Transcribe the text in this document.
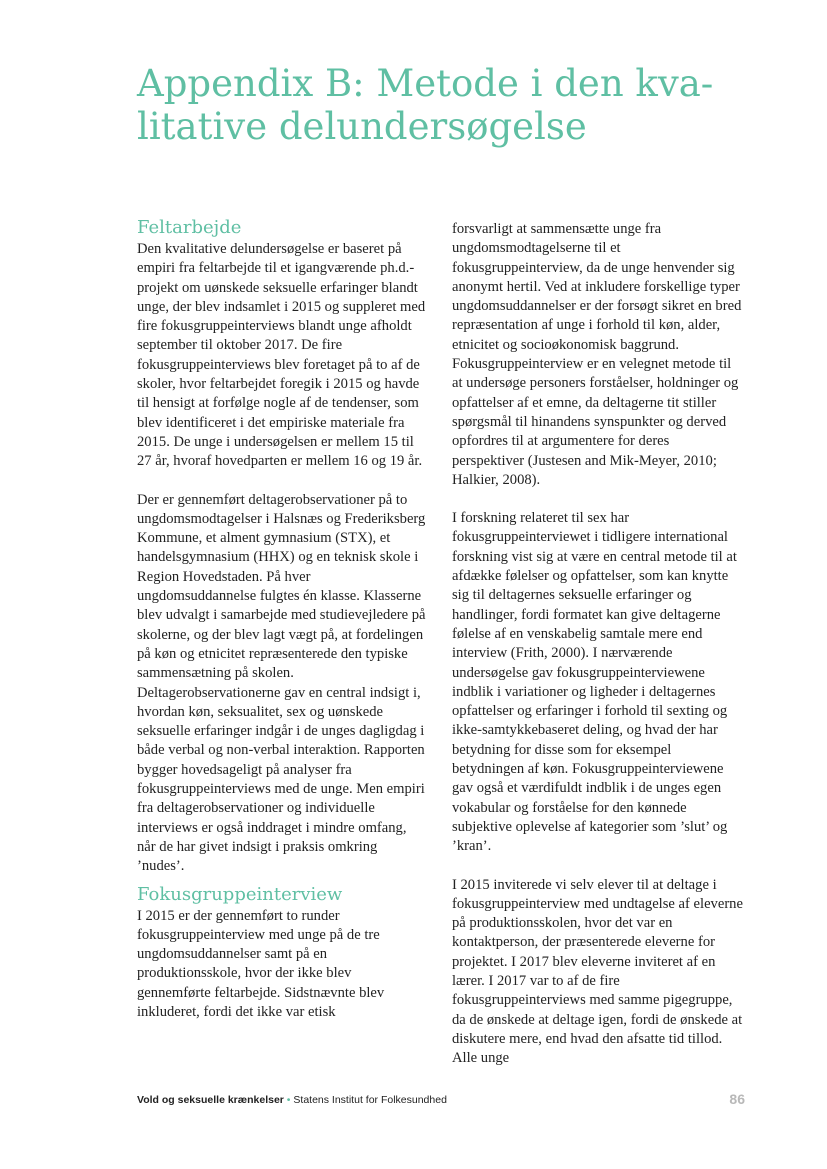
Appendix B: Metode i den kva-litative delundersøgelse
Feltarbejde

Den kvalitative delundersøgelse er baseret på empiri fra feltarbejde til et igangværende ph.d.-projekt om uønskede seksuelle erfaringer blandt unge, der blev indsamlet i 2015 og suppleret med fire fokusgruppeinterviews blandt unge afholdt september til oktober 2017. De fire fokusgruppeinterviews blev foretaget på to af de skoler, hvor feltarbejdet foregik i 2015 og havde til hensigt at forfølge nogle af de tendenser, som blev identificeret i det empiriske materiale fra 2015. De unge i undersøgelsen er mellem 15 til 27 år, hvoraf hovedparten er mellem 16 og 19 år.

Der er gennemført deltagerobservationer på to ungdomsmodtagelser i Halsnæs og Frederiksberg Kommune, et alment gymnasium (STX), et handelsgymnasium (HHX) og en teknisk skole i Region Hovedstaden. På hver ungdomsuddannelse fulgtes én klasse. Klasserne blev udvalgt i samarbejde med studievejledere på skolerne, og der blev lagt vægt på, at fordelingen på køn og etnicitet repræsenterede den typiske sammensætning på skolen. Deltagerobservationerne gav en central indsigt i, hvordan køn, seksualitet, sex og uønskede seksuelle erfaringer indgår i de unges dagligdag i både verbal og non-verbal interaktion. Rapporten bygger hovedsageligt på analyser fra fokusgruppeinterviews med de unge. Men empiri fra deltagerobservationer og individuelle interviews er også inddraget i mindre omfang, når de har givet indsigt i praksis omkring ’nudes’.

Fokusgruppeinterview

I 2015 er der gennemført to runder fokusgruppeinterview med unge på de tre ungdomsuddannelser samt på en produktionsskole, hvor der ikke blev gennemførte feltarbejde. Sidstnævnte blev inkluderet, fordi det ikke var etisk

forsvarligt at sammensætte unge fra ungdomsmodtagelserne til et fokusgruppeinterview, da de unge henvender sig anonymt hertil. Ved at inkludere forskellige typer ungdomsuddannelser er der forsøgt sikret en bred repræsentation af unge i forhold til køn, alder, etnicitet og socioøkonomisk baggrund. Fokusgruppeinterview er en velegnet metode til at undersøge personers forståelser, holdninger og opfattelser af et emne, da deltagerne tit stiller spørgsmål til hinandens synspunkter og derved opfordres til at argumentere for deres perspektiver (Justesen and Mik-Meyer, 2010; Halkier, 2008).

I forskning relateret til sex har fokusgruppeinterviewet i tidligere international forskning vist sig at være en central metode til at afdække følelser og opfattelser, som kan knytte sig til deltagernes seksuelle erfaringer og handlinger, fordi formatet kan give deltagerne følelse af en venskabelig samtale mere end interview (Frith, 2000). I nærværende undersøgelse gav fokusgruppeinterviewene indblik i variationer og ligheder i deltagernes opfattelser og erfaringer i forhold til sexting og ikke-samtykkebaseret deling, og hvad der har betydning for disse som for eksempel betydningen af køn. Fokusgruppeinterviewene gav også et værdifuldt indblik i de unges egen vokabular og forståelse for den kønnede subjektive oplevelse af kategorier som ’slut’ og ’kran’.

I 2015 inviterede vi selv elever til at deltage i fokusgruppeinterview med undtagelse af eleverne på produktionsskolen, hvor det var en kontaktperson, der præsenterede eleverne for projektet. I 2017 blev eleverne inviteret af en lærer. I 2017 var to af de fire fokusgruppeinterviews med samme pigegruppe, da de ønskede at deltage igen, fordi de ønskede at diskutere mere, end hvad den afsatte tid tillod. Alle unge

Vold og seksuelle krænkelser • Statens Institut for Folkesundhed	86
